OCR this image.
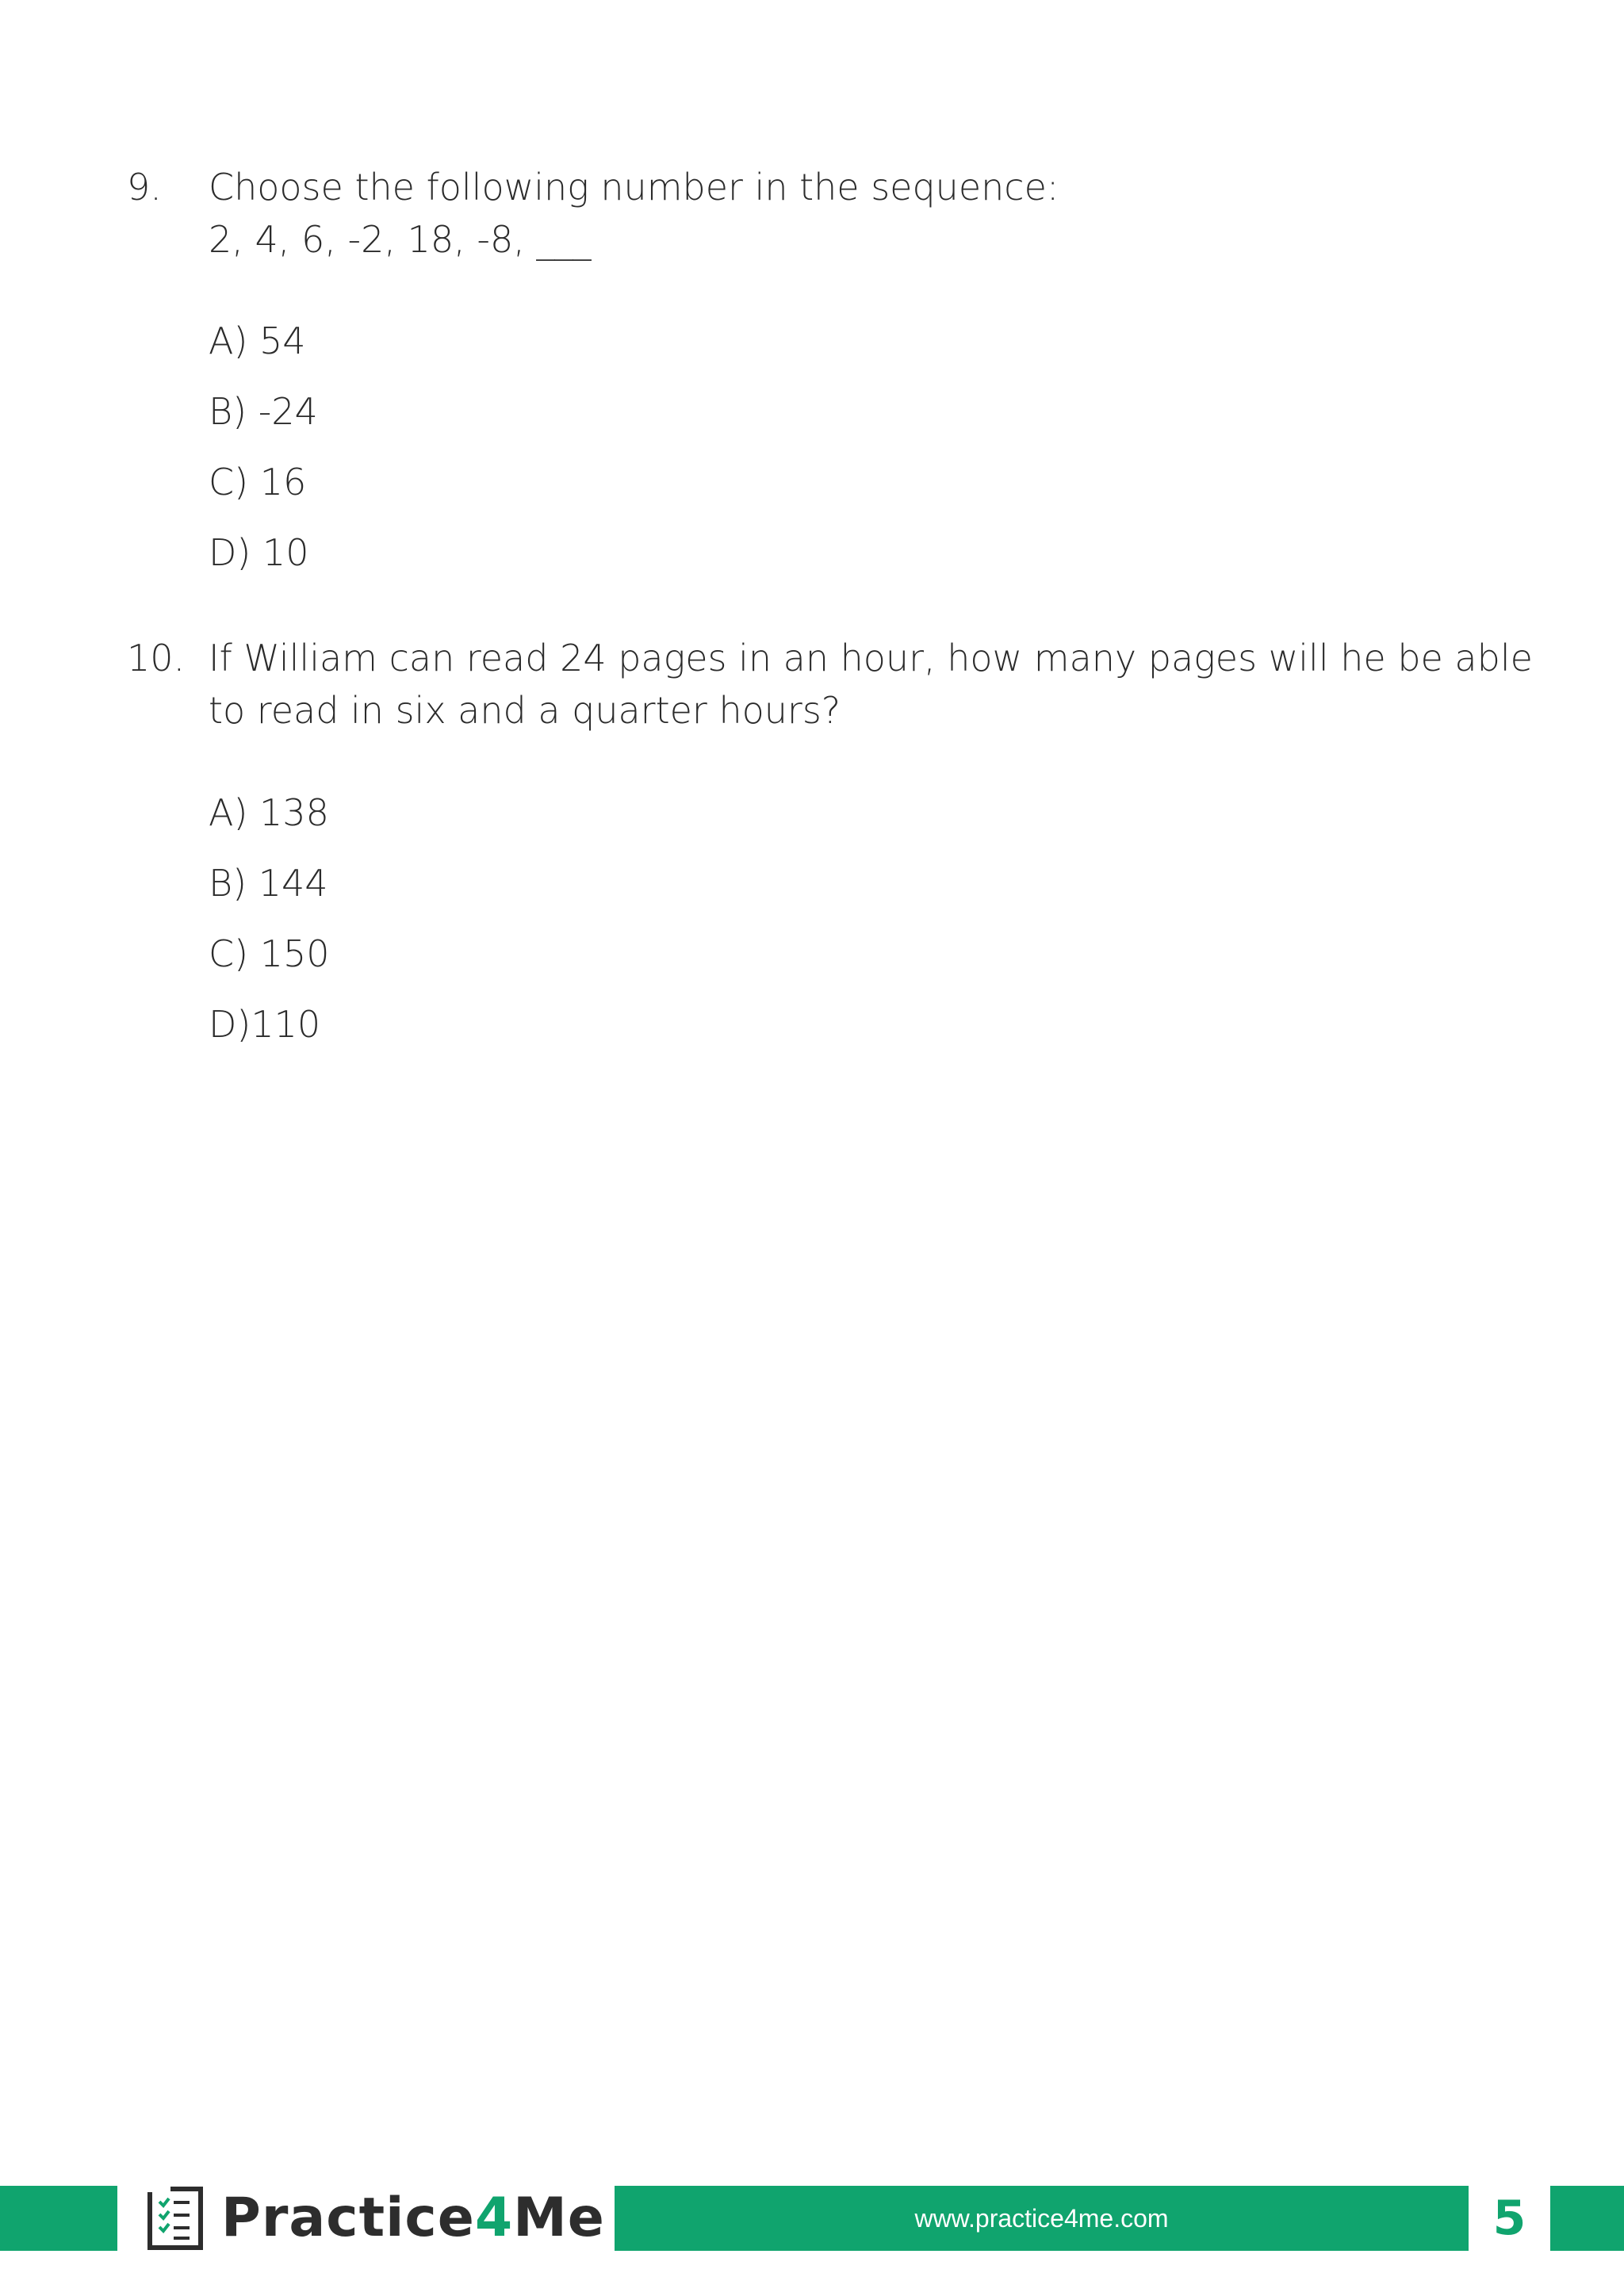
9. Choose the following number in the sequence:
2, 4, 6, -2, 18, -8, ___
A) 54
B) -24
C) 16
D) 10
10. If William can read 24 pages in an hour, how many pages will he be able
to read in six and a quarter hours?
A) 138
B) 144
C) 150
D)110
Practice4Me	www.practice4me.com	5
